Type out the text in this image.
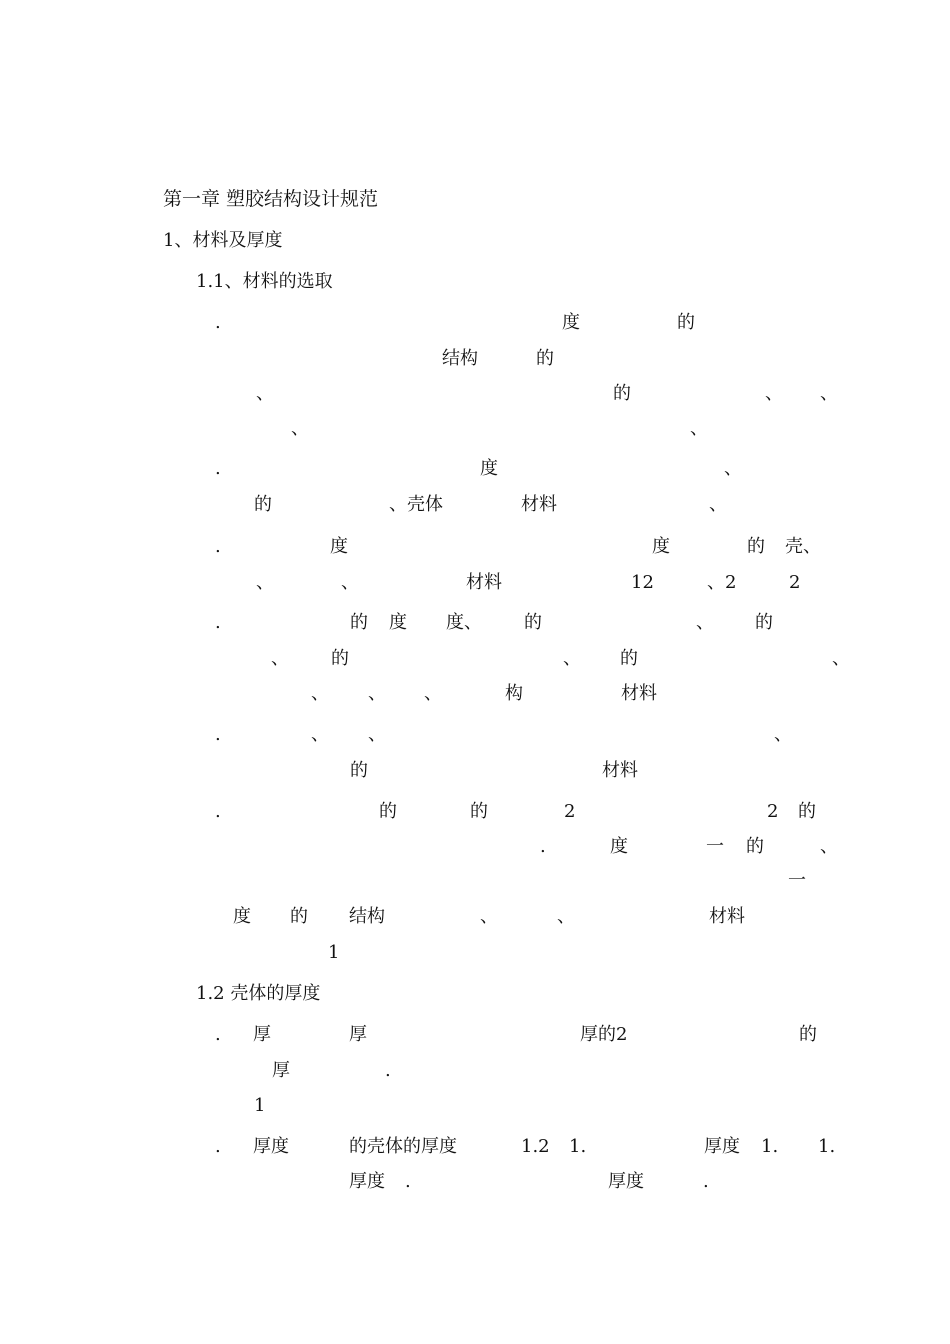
第一章 塑胶结构设计规范
1、材料及厚度
1.1、材料的选取
.	度	的
结构	的
、	的	、 、
、	、
.	度	、
的	、壳体	材料	、
.	度	度	的 壳、
、	、	材料	12	、2	2
.	的 度 度、 的	、 的
、 的	、 的	、
、 、 、	构	材料
.	、 、	、
的	材料
.	的	的	2	2 的
.	度	一 的	、
一
度 的 结构	、	、	材料
1
1.2 壳体的厚度
. 厚	厚	厚的2	的
厚	.
1
. 厚度	的壳体的厚度	1.2 1.	厚度 1. 1.
厚度 .	厚度	.
